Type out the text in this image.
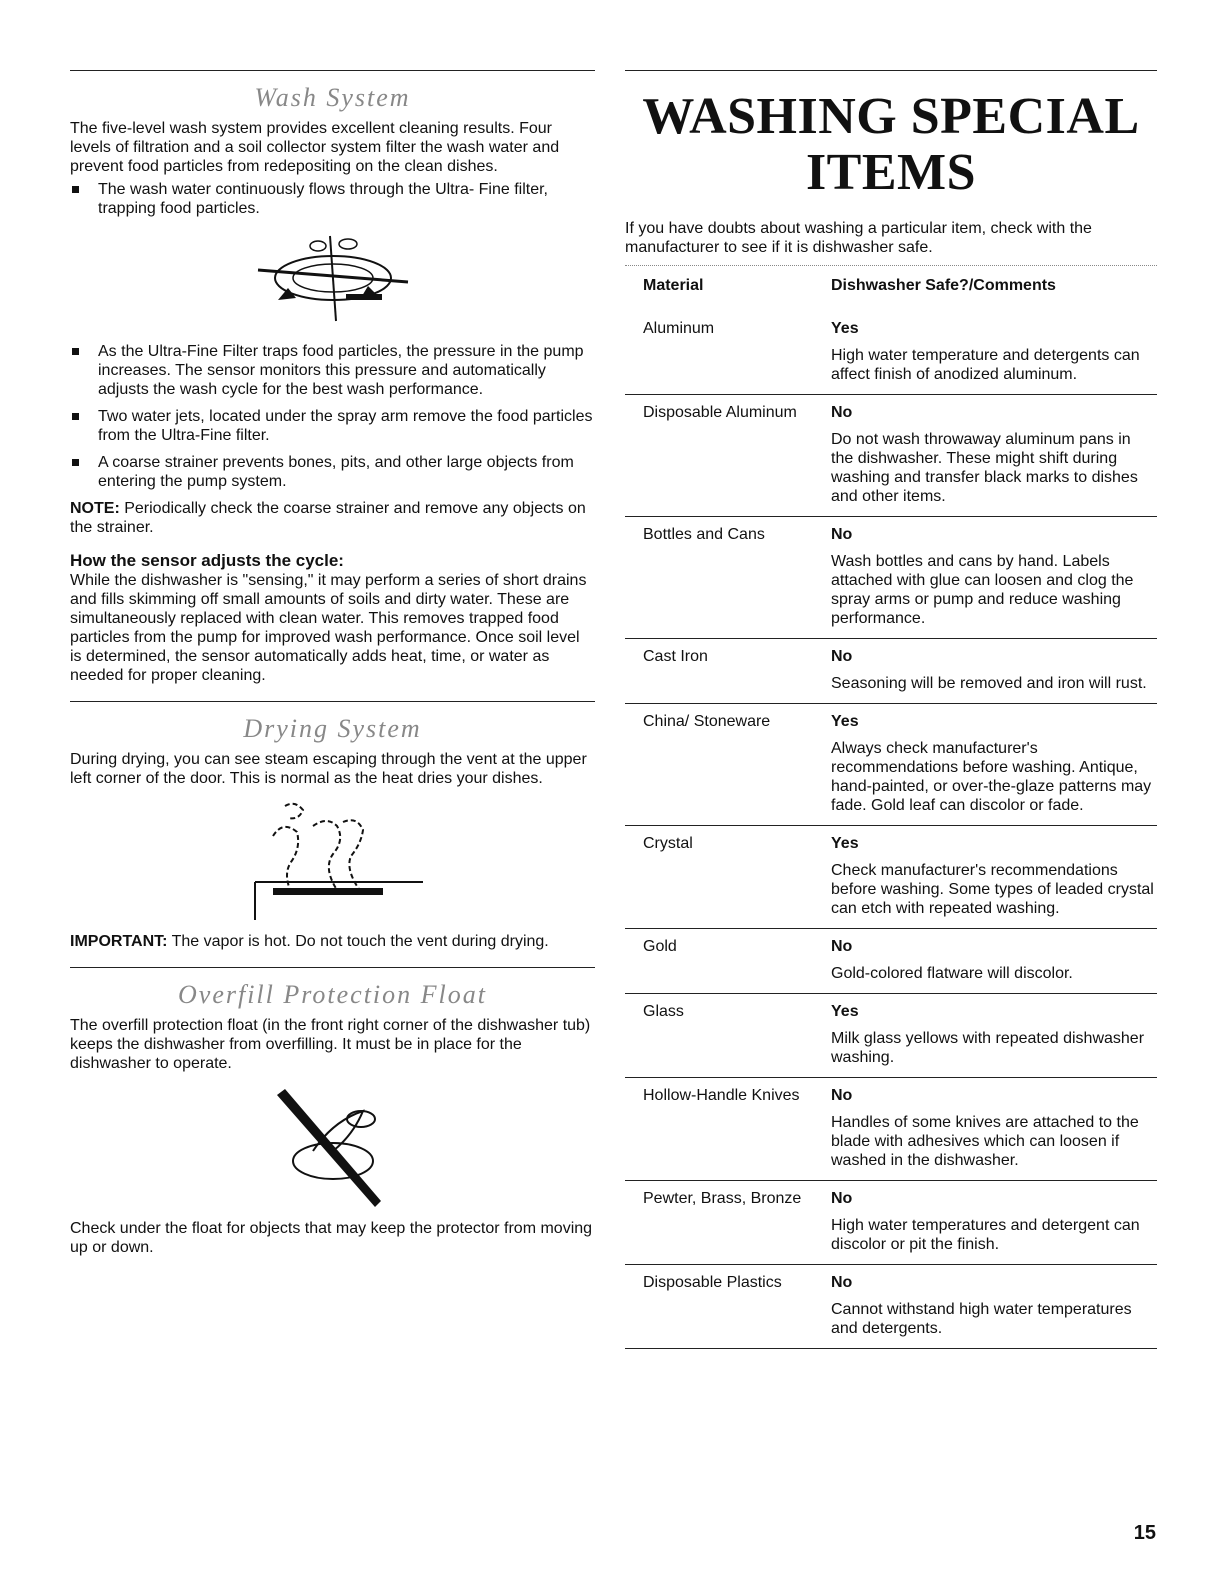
Wash System

The five-level wash system provides excellent cleaning results. Four levels of filtration and a soil collector system filter the wash water and prevent food particles from redepositing on the clean dishes.

The wash water continuously flows through the Ultra- Fine filter, trapping food particles.
As the Ultra-Fine Filter traps food particles, the pressure in the pump increases. The sensor monitors this pressure and automatically adjusts the wash cycle for the best wash performance.
Two water jets, located under the spray arm remove the food particles from the Ultra-Fine filter.
A coarse strainer prevents bones, pits, and other large objects from entering the pump system.

NOTE: Periodically check the coarse strainer and remove any objects on the strainer.

How the sensor adjusts the cycle:

While the dishwasher is "sensing," it may perform a series of short drains and fills skimming off small amounts of soils and dirty water. These are simultaneously replaced with clean water. This removes trapped food particles from the pump for improved wash performance. Once soil level is determined, the sensor automatically adds heat, time, or water as needed for proper cleaning.

Drying System

During drying, you can see steam escaping through the vent at the upper left corner of the door. This is normal as the heat dries your dishes.

IMPORTANT: The vapor is hot. Do not touch the vent during drying.

Overfill Protection Float

The overfill protection float (in the front right corner of the dishwasher tub) keeps the dishwasher from overfilling. It must be in place for the dishwasher to operate.

Check under the float for objects that may keep the protector from moving up or down.

WASHING SPECIAL
ITEMS

If you have doubts about washing a particular item, check with the manufacturer to see if it is dishwasher safe.

Material	Dishwasher Safe?/Comments
Aluminum	Yes
High water temperature and detergents can affect finish of anodized aluminum.
Disposable Aluminum	No
Do not wash throwaway aluminum pans in the dishwasher. These might shift during washing and transfer black marks to dishes and other items.
Bottles and Cans	No
Wash bottles and cans by hand. Labels attached with glue can loosen and clog the spray arms or pump and reduce washing performance.
Cast Iron	No
Seasoning will be removed and iron will rust.
China/ Stoneware	Yes
Always check manufacturer's recommendations before washing. Antique, hand-painted, or over-the-glaze patterns may fade. Gold leaf can discolor or fade.
Crystal	Yes
Check manufacturer's recommendations before washing. Some types of leaded crystal can etch with repeated washing.
Gold	No
Gold-colored flatware will discolor.
Glass	Yes
Milk glass yellows with repeated dishwasher washing.
Hollow-Handle Knives	No
Handles of some knives are attached to the blade with adhesives which can loosen if washed in the dishwasher.
Pewter, Brass, Bronze	No
High water temperatures and detergent can discolor or pit the finish.
Disposable Plastics	No
Cannot withstand high water temperatures and detergents.
15
